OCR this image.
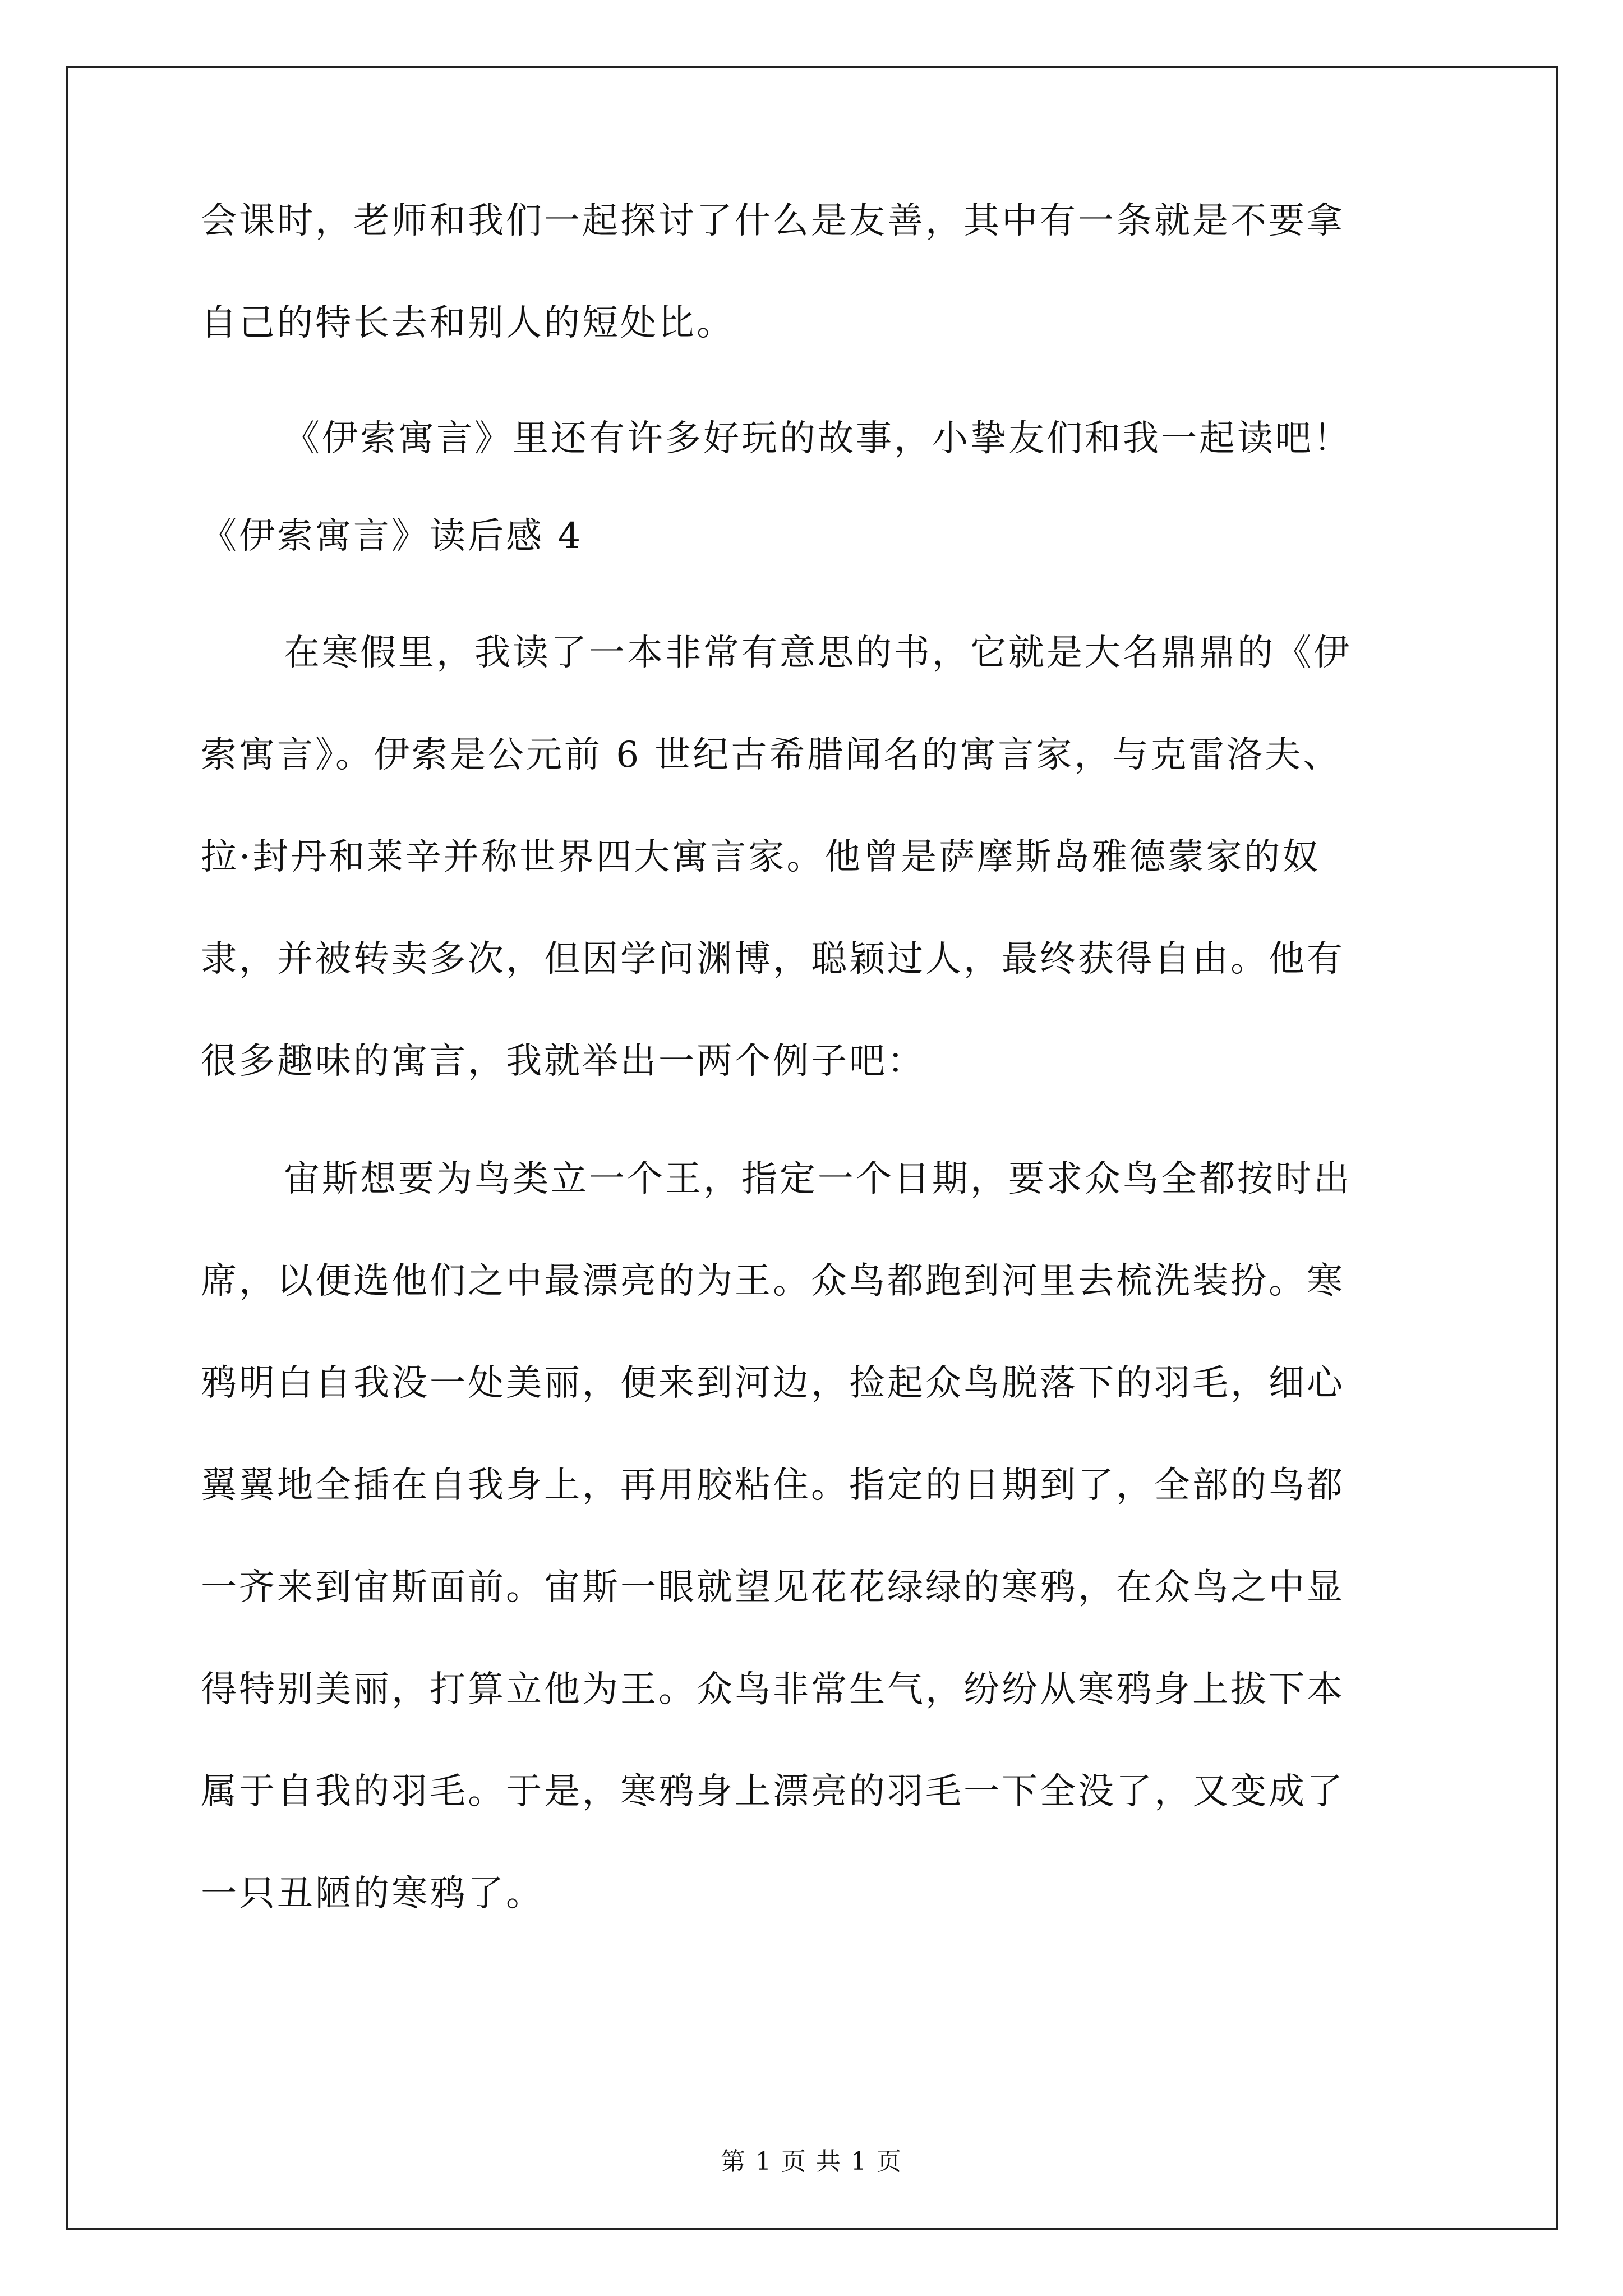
会课时，老师和我们一起探讨了什么是友善，其中有一条就是不要拿
自己的特长去和别人的短处比。
《伊索寓言》里还有许多好玩的故事，小挚友们和我一起读吧！
《伊索寓言》读后感 4
在寒假里，我读了一本非常有意思的书，它就是大名鼎鼎的《伊
索寓言》。伊索是公元前 6 世纪古希腊闻名的寓言家，与克雷洛夫、
拉·封丹和莱辛并称世界四大寓言家。他曾是萨摩斯岛雅德蒙家的奴
隶，并被转卖多次，但因学问渊博，聪颖过人，最终获得自由。他有
很多趣味的寓言，我就举出一两个例子吧：
宙斯想要为鸟类立一个王，指定一个日期，要求众鸟全都按时出
席，以便选他们之中最漂亮的为王。众鸟都跑到河里去梳洗装扮。寒
鸦明白自我没一处美丽，便来到河边，捡起众鸟脱落下的羽毛，细心
翼翼地全插在自我身上，再用胶粘住。指定的日期到了，全部的鸟都
一齐来到宙斯面前。宙斯一眼就望见花花绿绿的寒鸦，在众鸟之中显
得特别美丽，打算立他为王。众鸟非常生气，纷纷从寒鸦身上拔下本
属于自我的羽毛。于是，寒鸦身上漂亮的羽毛一下全没了，又变成了
一只丑陋的寒鸦了。
第 1 页 共 1 页
